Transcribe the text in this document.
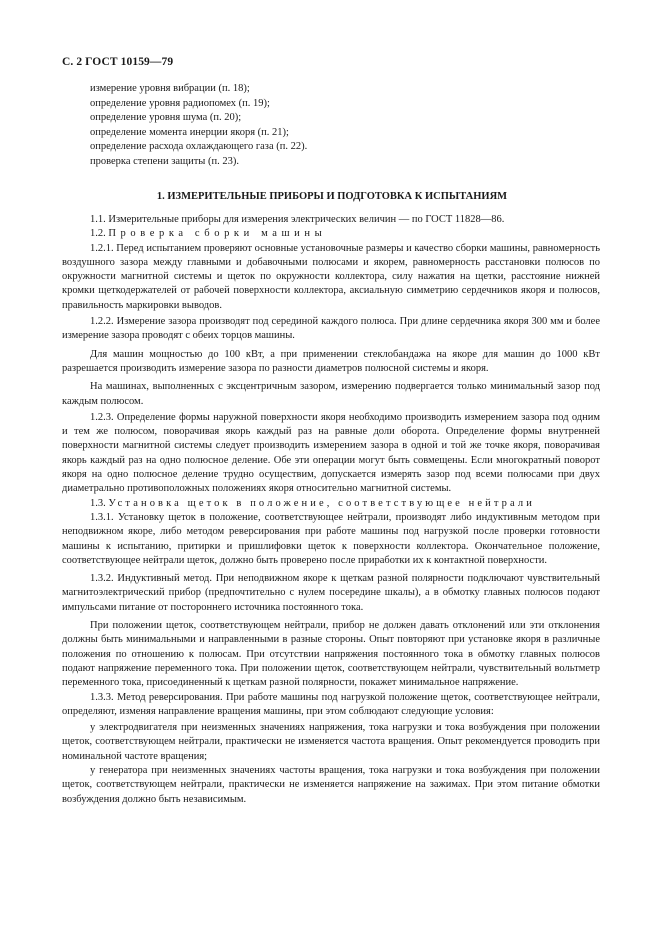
С. 2 ГОСТ 10159—79
измерение уровня вибрации (п. 18);
определение уровня радиопомех (п. 19);
определение уровня шума (п. 20);
определение момента инерции якоря (п. 21);
определение расхода охлаждающего газа (п. 22).
проверка степени защиты (п. 23).
1. ИЗМЕРИТЕЛЬНЫЕ ПРИБОРЫ И ПОДГОТОВКА К ИСПЫТАНИЯМ

1.1. Измерительные приборы для измерения электрических величин — по ГОСТ 11828—86.

1.2. Проверка сборки машины

1.2.1. Перед испытанием проверяют основные установочные размеры и качество сборки машины, равномерность воздушного зазора между главными и добавочными полюсами и якорем, равномерность расстановки полюсов по окружности магнитной системы и щеток по окружности коллектора, силу нажатия на щетки, расстояние нижней кромки щеткодержателей от рабочей поверхности коллектора, аксиальную симметрию сердечников якоря и полюсов, правильность маркировки выводов.

1.2.2. Измерение зазора производят под серединой каждого полюса. При длине сердечника якоря 300 мм и более измерение зазора проводят с обеих торцов машины.

Для машин мощностью до 100 кВт, а при применении стеклобандажа на якоре для машин до 1000 кВт разрешается производить измерение зазора по разности диаметров полюсной системы и якоря.

На машинах, выполненных с эксцентричным зазором, измерению подвергается только минимальный зазор под каждым полюсом.

1.2.3. Определение формы наружной поверхности якоря необходимо производить измерением зазора под одним и тем же полюсом, поворачивая якорь каждый раз на равные доли оборота. Определение формы внутренней поверхности магнитной системы следует производить измерением зазора в одной и той же точке якоря, поворачивая якорь каждый раз на одно полюсное деление. Обе эти операции могут быть совмещены. Если многократный поворот якоря на одно полюсное деление трудно осуществим, допускается измерять зазор под всеми полюсами при двух диаметрально противоположных положениях якоря относительно магнитной системы.

1.3. Установка щеток в положение, соответствующее нейтрали

1.3.1. Установку щеток в положение, соответствующее нейтрали, производят либо индуктивным методом при неподвижном якоре, либо методом реверсирования при работе машины под нагрузкой после проверки готовности машины к испытанию, притирки и пришлифовки щеток к поверхности коллектора. Окончательное положение, соответствующее нейтрали щеток, должно быть проверено после приработки их к контактной поверхности.

1.3.2. Индуктивный метод. При неподвижном якоре к щеткам разной полярности подключают чувствительный магнитоэлектрический прибор (предпочтительно с нулем посередине шкалы), а в обмотку главных полюсов подают импульсами питание от постороннего источника постоянного тока.

При положении щеток, соответствующем нейтрали, прибор не должен давать отклонений или эти отклонения должны быть минимальными и направленными в разные стороны. Опыт повторяют при установке якоря в различные положения по отношению к полюсам. При отсутствии напряжения постоянного тока в обмотку главных полюсов подают напряжение переменного тока. При положении щеток, соответствующем нейтрали, чувствительный вольтметр переменного тока, присоединенный к щеткам разной полярности, покажет минимальное напряжение.

1.3.3. Метод реверсирования. При работе машины под нагрузкой положение щеток, соответствующее нейтрали, определяют, изменяя направление вращения машины, при этом соблюдают следующие условия:

у электродвигателя при неизменных значениях напряжения, тока нагрузки и тока возбуждения при положении щеток, соответствующем нейтрали, практически не изменяется частота вращения. Опыт рекомендуется проводить при номинальной частоте вращения;

у генератора при неизменных значениях частоты вращения, тока нагрузки и тока возбуждения при положении щеток, соответствующем нейтрали, практически не изменяется напряжение на зажимах. При этом питание обмотки возбуждения должно быть независимым.
